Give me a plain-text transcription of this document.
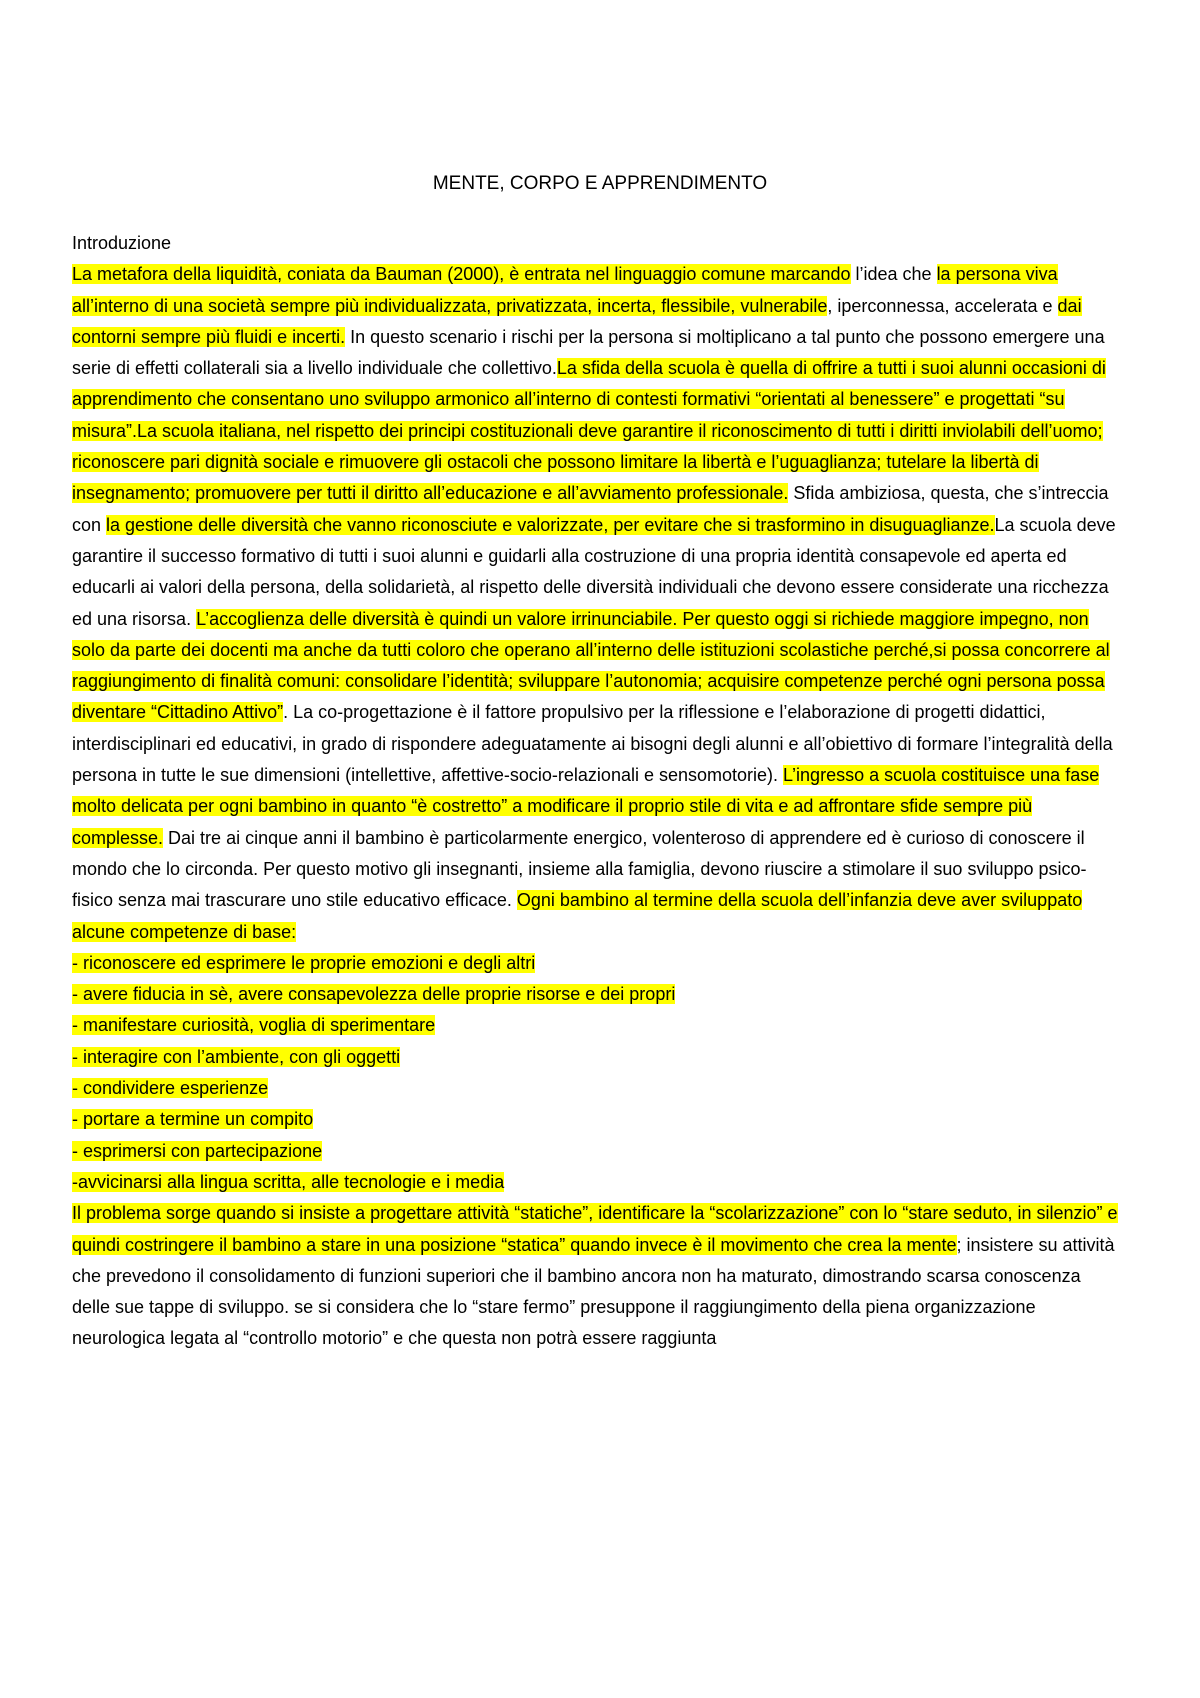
MENTE, CORPO E APPRENDIMENTO
Introduzione

La metafora della liquidità, coniata da Bauman (2000), è entrata nel linguaggio comune marcando l’idea che la persona viva all’interno di una società sempre più individualizzata, privatizzata, incerta, flessibile, vulnerabile, iperconnessa, accelerata e dai contorni sempre più fluidi e incerti. In questo scenario i rischi per la persona si moltiplicano a tal punto che possono emergere una serie di effetti collaterali sia a livello individuale che collettivo.La sfida della scuola è quella di offrire a tutti i suoi alunni occasioni di apprendimento che consentano uno sviluppo armonico all’interno di contesti formativi “orientati al benessere” e progettati “su misura”.La scuola italiana, nel rispetto dei principi costituzionali deve garantire il riconoscimento di tutti i diritti inviolabili dell’uomo; riconoscere pari dignità sociale e rimuovere gli ostacoli che possono limitare la libertà e l’uguaglianza; tutelare la libertà di insegnamento; promuovere per tutti il diritto all’educazione e all’avviamento professionale. Sfida ambiziosa, questa, che s’intreccia con la gestione delle diversità che vanno riconosciute e valorizzate, per evitare che si trasformino in disuguaglianze.La scuola deve garantire il successo formativo di tutti i suoi alunni e guidarli alla costruzione di una propria identità consapevole ed aperta ed educarli ai valori della persona, della solidarietà, al rispetto delle diversità individuali che devono essere considerate una ricchezza ed una risorsa. L’accoglienza delle diversità è quindi un valore irrinunciabile. Per questo oggi si richiede maggiore impegno, non solo da parte dei docenti ma anche da tutti coloro che operano all’interno delle istituzioni scolastiche perché,si possa concorrere al raggiungimento di finalità comuni: consolidare l’identità; sviluppare l’autonomia; acquisire competenze perché ogni persona possa diventare “Cittadino Attivo”. La co-progettazione è il fattore propulsivo per la riflessione e l’elaborazione di progetti didattici, interdisciplinari ed educativi, in grado di rispondere adeguatamente ai bisogni degli alunni e all’obiettivo di formare l’integralità della persona in tutte le sue dimensioni (intellettive, affettive-socio-relazionali e sensomotorie). L’ingresso a scuola costituisce una fase molto delicata per ogni bambino in quanto “è costretto” a modificare il proprio stile di vita e ad affrontare sfide sempre più complesse. Dai tre ai cinque anni il bambino è particolarmente energico, volenteroso di apprendere ed è curioso di conoscere il mondo che lo circonda. Per questo motivo gli insegnanti, insieme alla famiglia, devono riuscire a stimolare il suo sviluppo psico-fisico senza mai trascurare uno stile educativo efficace. Ogni bambino al termine della scuola dell’infanzia deve aver sviluppato alcune competenze di base:

- riconoscere ed esprimere le proprie emozioni e degli altri
- avere fiducia in sè, avere consapevolezza delle proprie risorse e dei propri
- manifestare curiosità, voglia di sperimentare
- interagire con l’ambiente, con gli oggetti
- condividere esperienze
- portare a termine un compito
- esprimersi con partecipazione
-avvicinarsi alla lingua scritta, alle tecnologie e i media

Il problema sorge quando si insiste a progettare attività “statiche”, identificare la “scolarizzazione” con lo “stare seduto, in silenzio” e quindi costringere il bambino a stare in una posizione “statica” quando invece è il movimento che crea la mente; insistere su attività che prevedono il consolidamento di funzioni superiori che il bambino ancora non ha maturato, dimostrando scarsa conoscenza delle sue tappe di sviluppo. se si considera che lo “stare fermo” presuppone il raggiungimento della piena organizzazione neurologica legata al “controllo motorio” e che questa non potrà essere raggiunta
